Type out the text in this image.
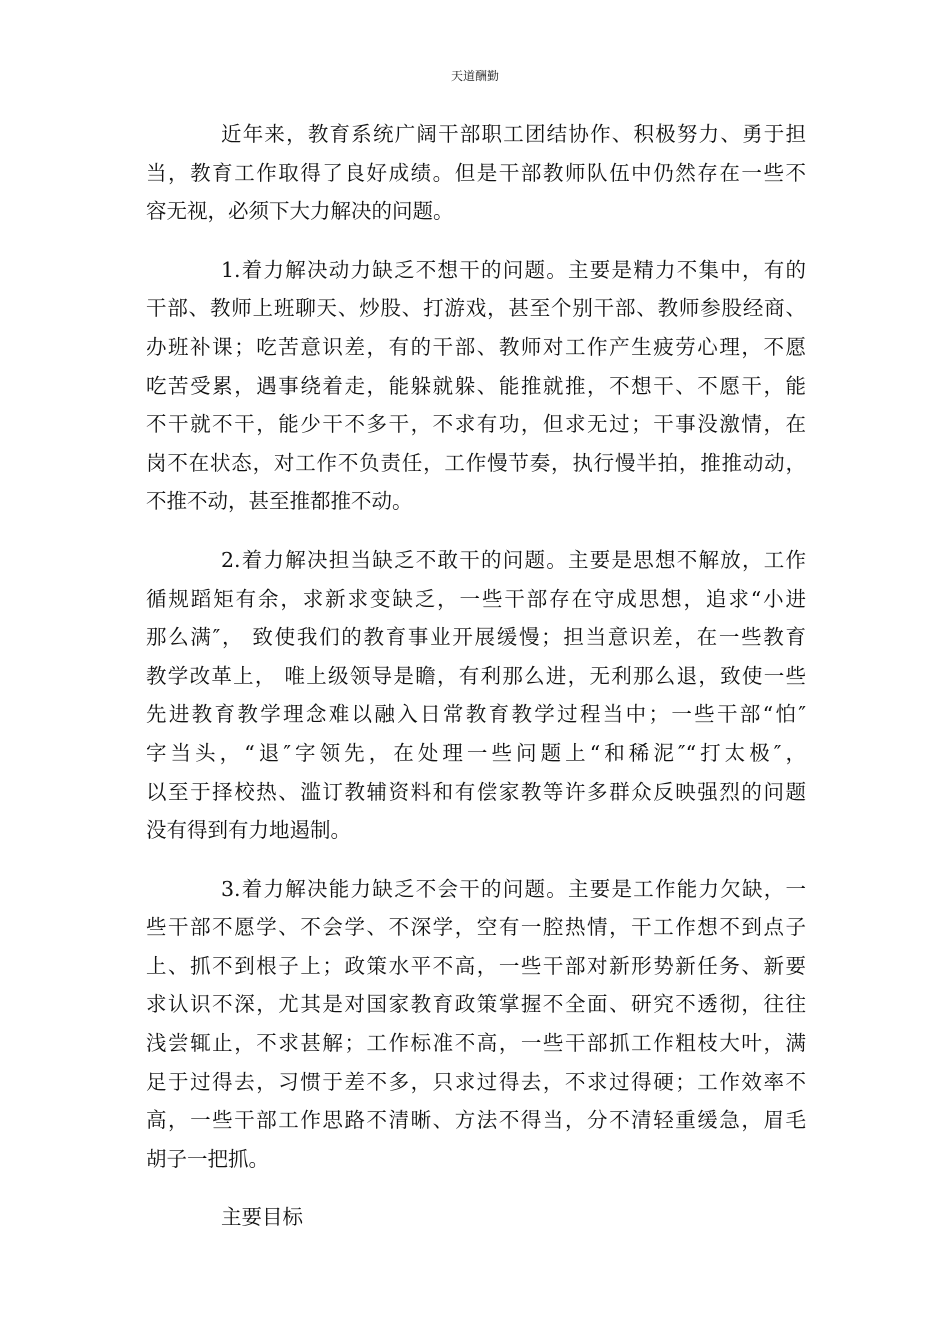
天道酬勤
近年来，教育系统广阔干部职工团结协作、积极努力、勇于担
当，教育工作取得了良好成绩。但是干部教师队伍中仍然存在一些不
容无视，必须下大力解决的问题。
1.着力解决动力缺乏不想干的问题。主要是精力不集中，有的
干部、教师上班聊天、炒股、打游戏，甚至个别干部、教师参股经商、
办班补课；吃苦意识差，有的干部、教师对工作产生疲劳心理，不愿
吃苦受累，遇事绕着走，能躲就躲、能推就推，不想干、不愿干，能
不干就不干，能少干不多干，不求有功，但求无过；干事没激情，在
岗不在状态，对工作不负责任，工作慢节奏，执行慢半拍，推推动动，
不推不动，甚至推都推不动。
2.着力解决担当缺乏不敢干的问题。主要是思想不解放，工作
循规蹈矩有余，求新求变缺乏，一些干部存在守成思想，追求“小进
那么满″， 致使我们的教育事业开展缓慢；担当意识差，在一些教育
教学改革上， 唯上级领导是瞻，有利那么进，无利那么退，致使一些
先进教育教学理念难以融入日常教育教学过程当中；一些干部“怕″
字当头，“退″字领先，在处理一些问题上“和稀泥″“打太极″，
以至于择校热、滥订教辅资料和有偿家教等许多群众反映强烈的问题
没有得到有力地遏制。
3.着力解决能力缺乏不会干的问题。主要是工作能力欠缺，一
些干部不愿学、不会学、不深学，空有一腔热情，干工作想不到点子
上、抓不到根子上；政策水平不高，一些干部对新形势新任务、新要
求认识不深，尤其是对国家教育政策掌握不全面、研究不透彻，往往
浅尝辄止，不求甚解；工作标准不高，一些干部抓工作粗枝大叶，满
足于过得去，习惯于差不多，只求过得去，不求过得硬；工作效率不
高，一些干部工作思路不清晰、方法不得当，分不清轻重缓急，眉毛
胡子一把抓。
主要目标
